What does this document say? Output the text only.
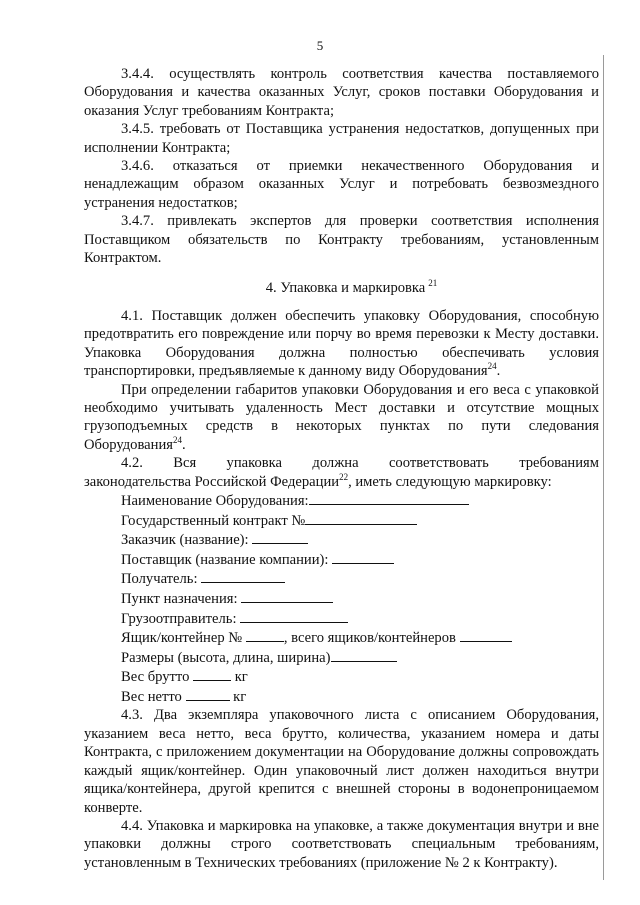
5

3.4.4. осуществлять контроль соответствия качества поставляемого Оборудования и качества оказанных Услуг, сроков поставки Оборудования и оказания Услуг требованиям Контракта;

3.4.5. требовать от Поставщика устранения недостатков, допущенных при исполнении Контракта;

3.4.6. отказаться от приемки некачественного Оборудования и ненадлежащим образом оказанных Услуг и потребовать безвозмездного устранения недостатков;

3.4.7. привлекать экспертов для проверки соответствия исполнения Поставщиком обязательств по Контракту требованиям, установленным Контрактом.

4. Упаковка и маркировка $^{21}$

4.1. Поставщик должен обеспечить упаковку Оборудования, способную предотвратить его повреждение или порчу во время перевозки к Месту доставки. Упаковка Оборудования должна полностью обеспечивать условия транспортировки, предъявляемые к данному виду Оборудования$^{24}$.

При определении габаритов упаковки Оборудования и его веса с упаковкой необходимо учитывать удаленность Мест доставки и отсутствие мощных грузоподъемных средств в некоторых пунктах по пути следования Оборудования$^{24}$.

4.2. Вся упаковка должна соответствовать требованиям

законодательства Российской Федерации$^{22}$, иметь следующую маркировку:

Наименование Оборудования:
Государственный контракт №
Заказчик (название):
Поставщик (название компании):
Получатель:
Пункт назначения:
Грузоотправитель:
Ящик/контейнер №	, всего ящиков/контейнеров
Размеры (высота, длина, ширина)
Вес брутто	кг
Вес нетто	кг

4.3. Два экземпляра упаковочного листа с описанием Оборудования, указанием веса нетто, веса брутто, количества, указанием номера и даты Контракта, с приложением документации на Оборудование должны сопровождать каждый ящик/контейнер. Один упаковочный лист должен находиться внутри ящика/контейнера, другой крепится с внешней стороны в водонепроницаемом конверте.

4.4. Упаковка и маркировка на упаковке, а также документация внутри и вне упаковки должны строго соответствовать специальным требованиям, установленным в Технических требованиях (приложение № 2 к Контракту).
